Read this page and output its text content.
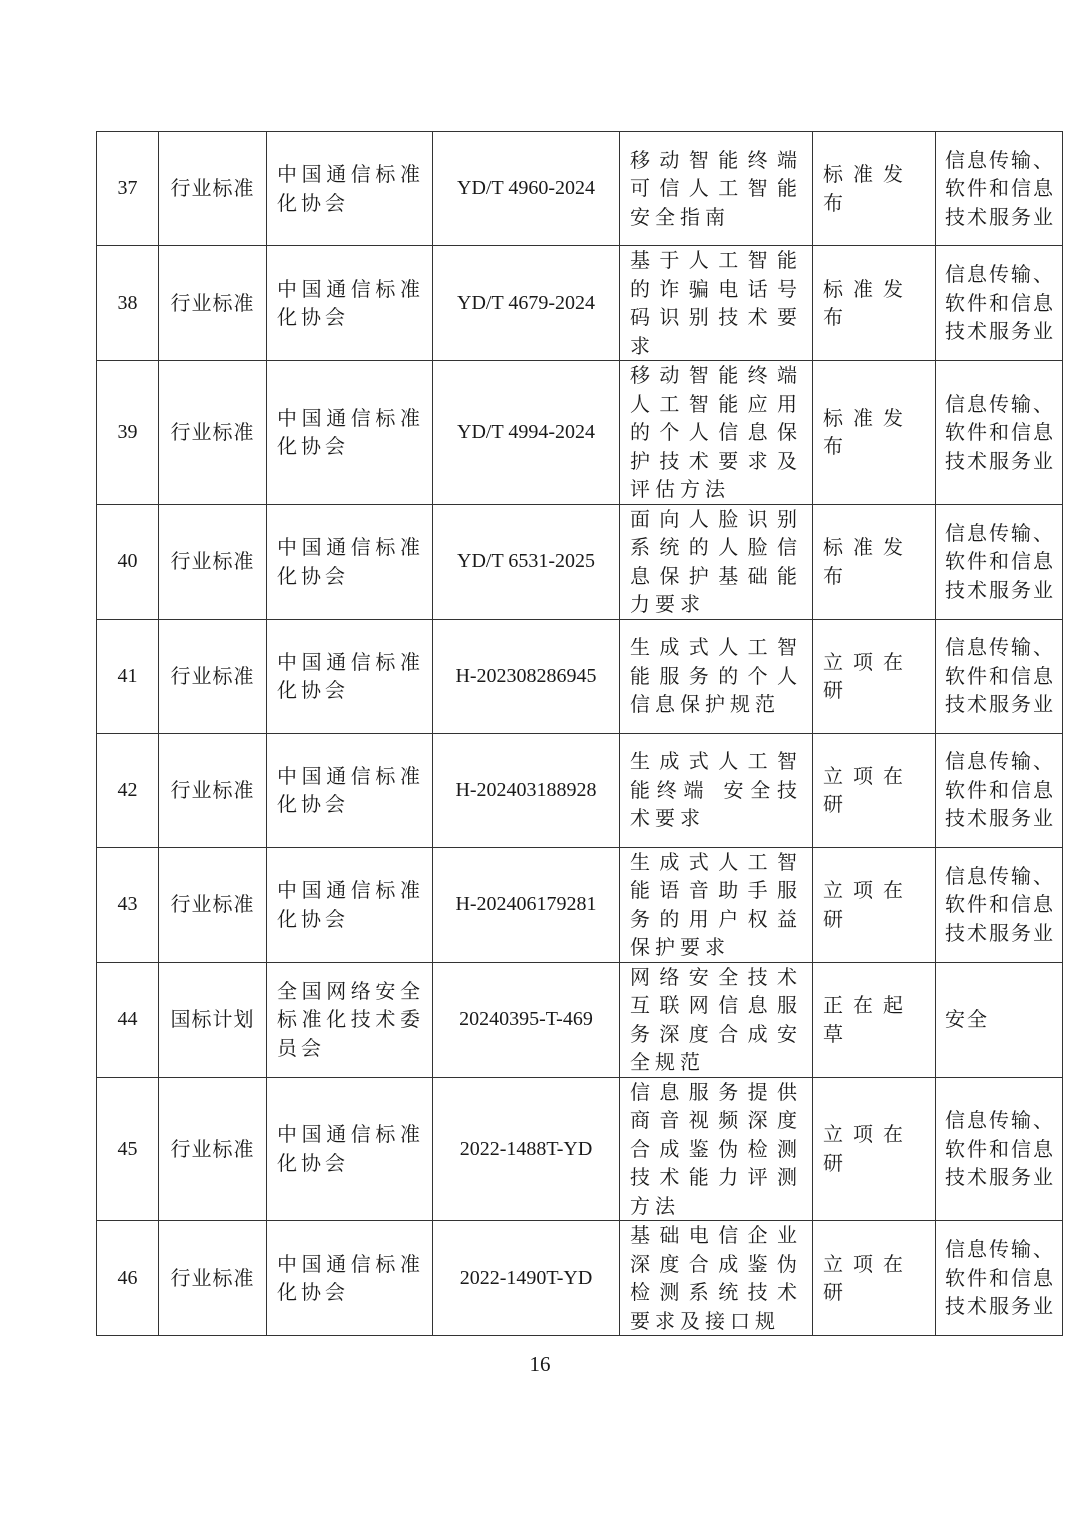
37	行业标准	中国通信标准化协会	YD/T 4960-2024	移动智能终端可信人工智能安全指南	标准发布	信息传输、软件和信息技术服务业
38	行业标准	中国通信标准化协会	YD/T 4679-2024	基于人工智能的诈骗电话号码识别技术要求	标准发布	信息传输、软件和信息技术服务业
39	行业标准	中国通信标准化协会	YD/T 4994-2024	移动智能终端人工智能应用的个人信息保护技术要求及评估方法	标准发布	信息传输、软件和信息技术服务业
40	行业标准	中国通信标准化协会	YD/T 6531-2025	面向人脸识别系统的人脸信息保护基础能力要求	标准发布	信息传输、软件和信息技术服务业
41	行业标准	中国通信标准化协会	H-202308286945	生成式人工智能服务的个人信息保护规范	立项在研	信息传输、软件和信息技术服务业
42	行业标准	中国通信标准化协会	H-202403188928	生成式人工智能终端 安全技术要求	立项在研	信息传输、软件和信息技术服务业
43	行业标准	中国通信标准化协会	H-202406179281	生成式人工智能语音助手服务的用户权益保护要求	立项在研	信息传输、软件和信息技术服务业
44	国标计划	全国网络安全标准化技术委员会	20240395-T-469	网络安全技术互联网信息服务深度合成安全规范	正在起草	安全
45	行业标准	中国通信标准化协会	2022-1488T-YD	信息服务提供商音视频深度合成鉴伪检测技术能力评测方法	立项在研	信息传输、软件和信息技术服务业
46	行业标准	中国通信标准化协会	2022-1490T-YD	基础电信企业深度合成鉴伪检测系统技术要求及接口规	立项在研	信息传输、软件和信息技术服务业
16
